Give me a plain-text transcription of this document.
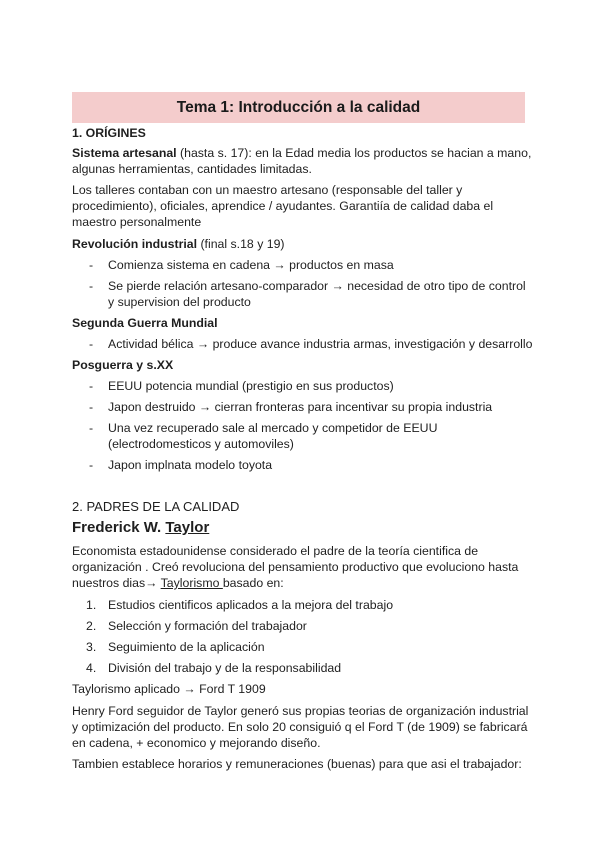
Tema 1: Introducción a la calidad
1. ORÍGINES
Sistema artesanal (hasta s. 17): en la Edad media los productos se hacian a mano,
algunas herramientas, cantidades limitadas.
Los talleres contaban con un maestro artesano (responsable del taller y
procedimiento), oficiales, aprendice / ayudantes. Garantiía de calidad daba el
maestro personalmente
Revolución industrial (final s.18 y 19)
- Comienza sistema en cadena → productos en masa
- Se pierde relación artesano-comparador → necesidad de otro tipo de control
y supervision del producto
Segunda Guerra Mundial
- Actividad bélica → produce avance industria armas, investigación y desarrollo
Posguerra y s.XX
- EEUU potencia mundial (prestigio en sus productos)
- Japon destruido → cierran fronteras para incentivar su propia industria
- Una vez recuperado sale al mercado y competidor de EEUU
(electrodomesticos y automoviles)
- Japon implnata modelo toyota
2. PADRES DE LA CALIDAD
Frederick W. Taylor
Economista estadounidense considerado el padre de la teoría cientifica de
organización . Creó revoluciona del pensamiento productivo que evoluciono hasta
nuestros dias→ Taylorismo basado en:
1. Estudios cientificos aplicados a la mejora del trabajo
2. Selección y formación del trabajador
3. Seguimiento de la aplicación
4. División del trabajo y de la responsabilidad
Taylorismo aplicado → Ford T 1909
Henry Ford seguidor de Taylor generó sus propias teorias de organización industrial
y optimización del producto. En solo 20 consiguió q el Ford T (de 1909) se fabricará
en cadena, + economico y mejorando diseño.
Tambien establece horarios y remuneraciones (buenas) para que asi el trabajador:
